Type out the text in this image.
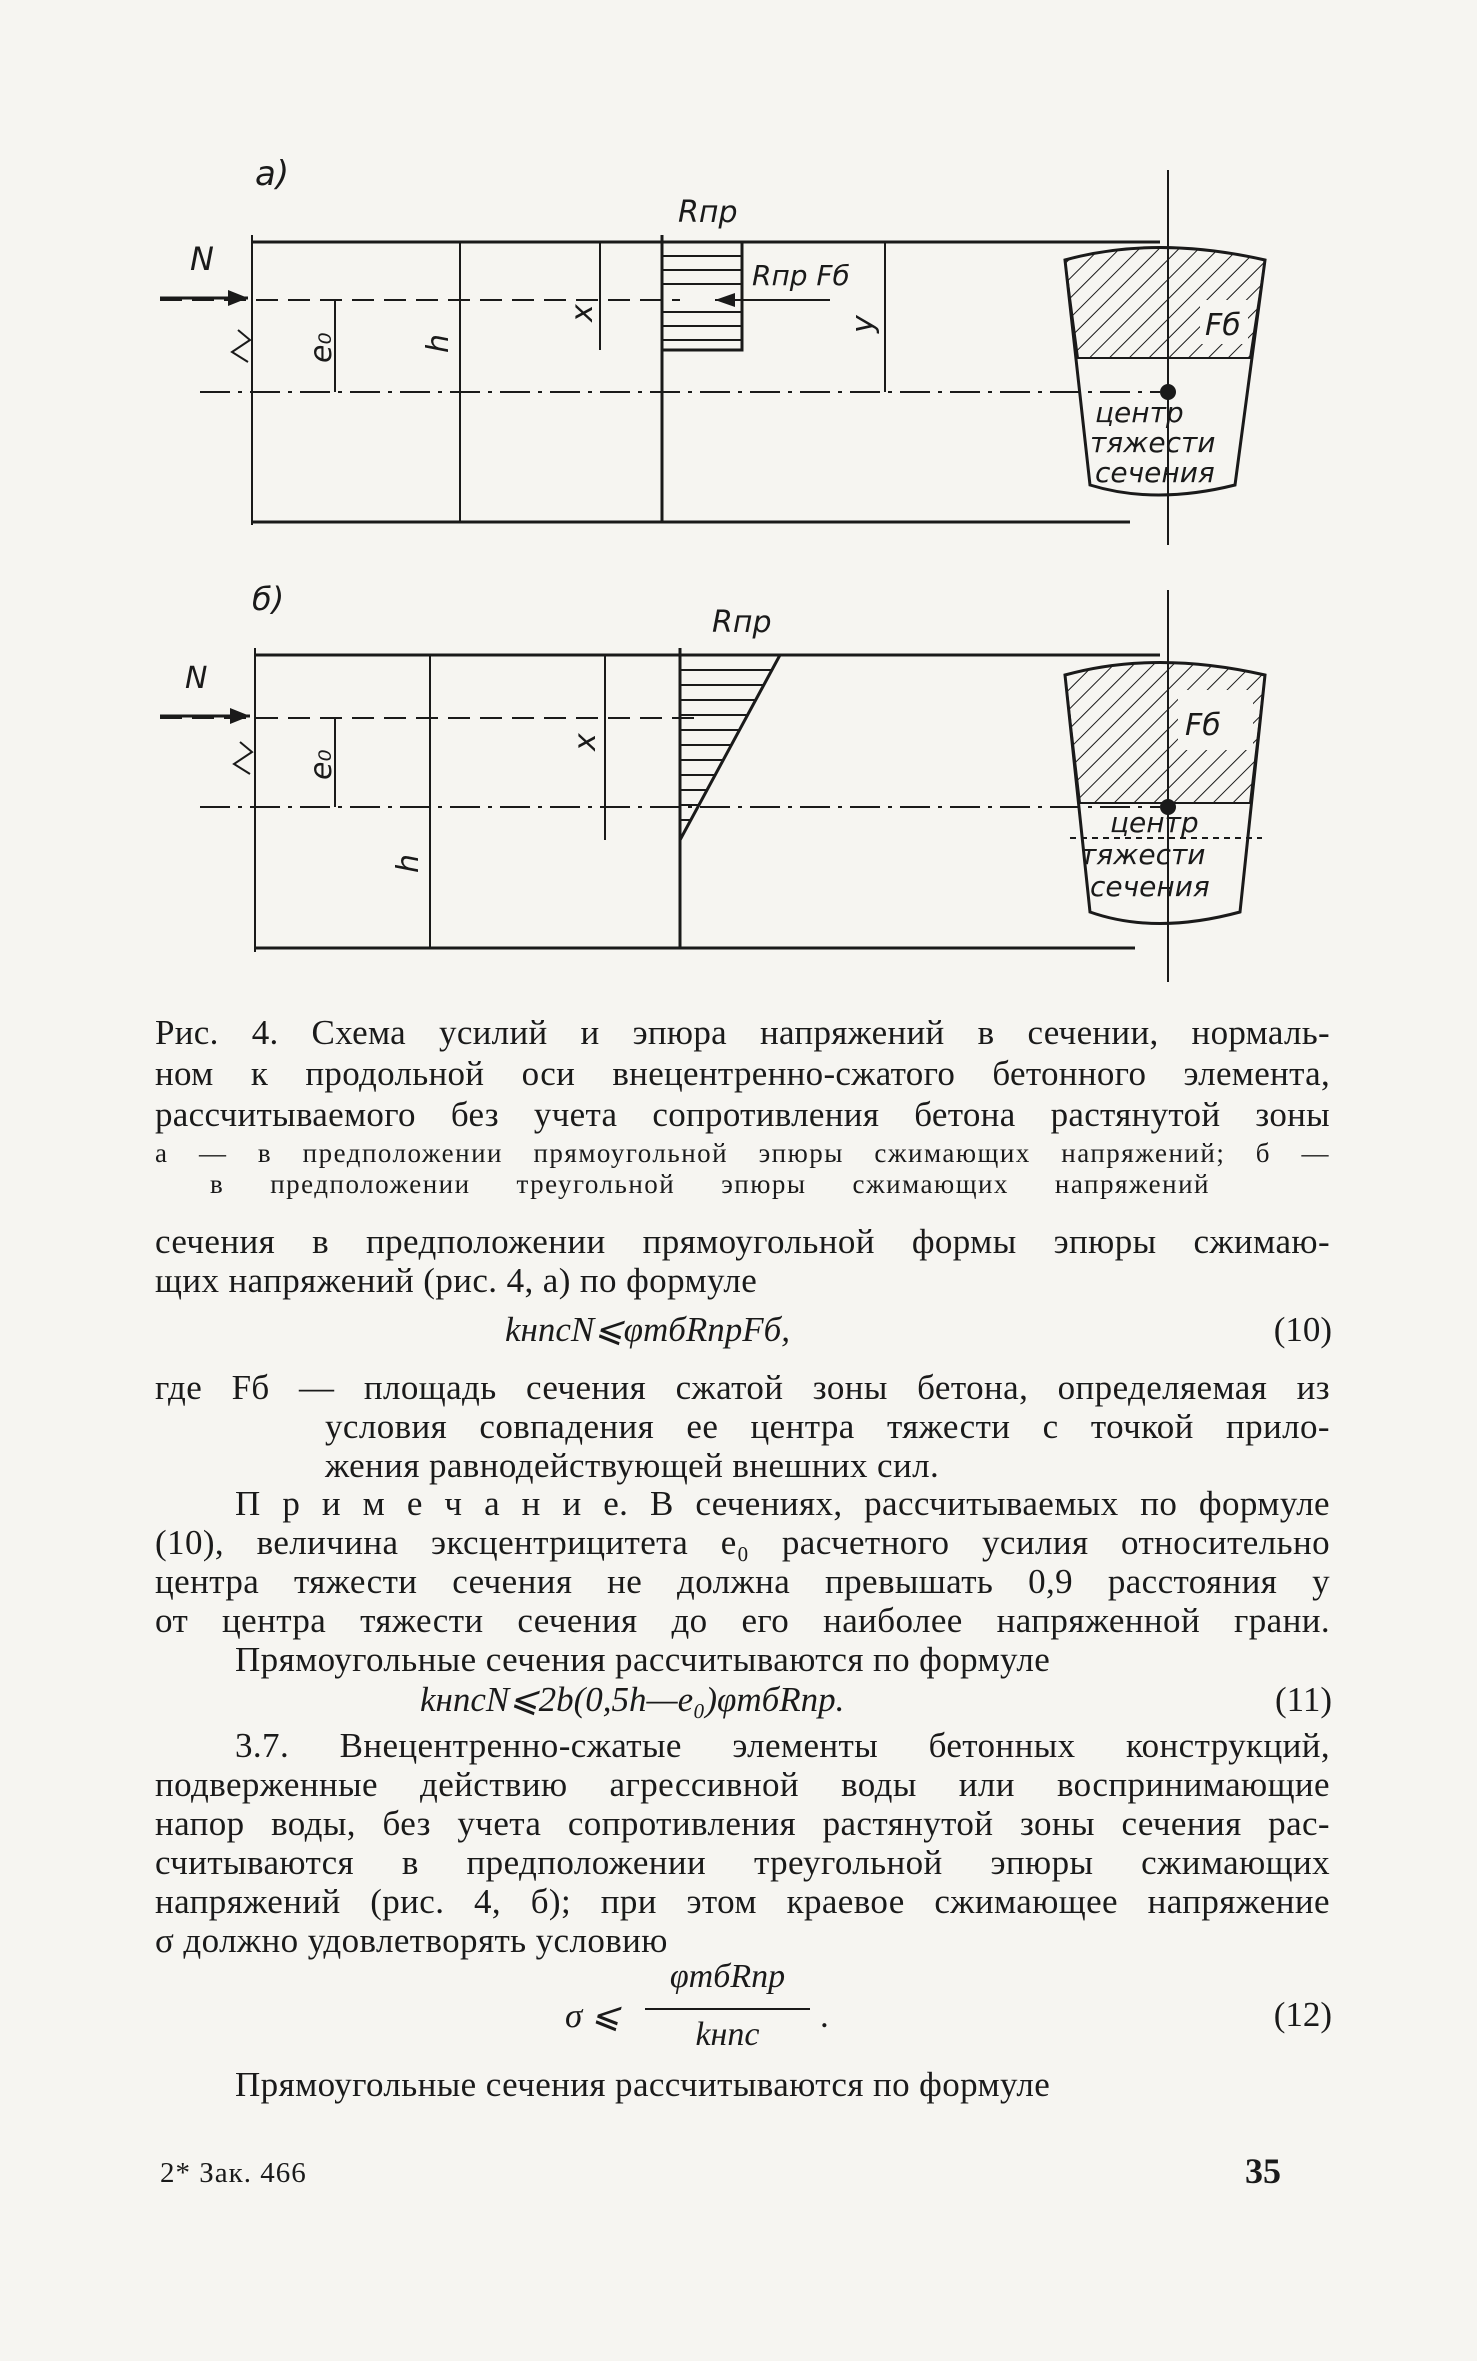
a)
N
e₀	h
x
Rпр
Rпр Fб
y	Fб
центр
тяжести
сечения
б)
N
e₀
h
x
Rпр
Fб
центр
тяжести
сечения
Рис. 4. Схема усилий и эпюра напряжений в сечении, нормаль-
ном к продольной оси внецентренно-сжатого бетонного элемента,
рассчитываемого без учета сопротивления бетона растянутой зоны
а — в предположении прямоугольной эпюры сжимающих напряжений; б —
в предположении треугольной эпюры сжимающих напряжений
сечения в предположении прямоугольной формы эпюры сжимаю-
щих напряжений (рис. 4, а) по формуле
kнnсN⩽φmбRпрFб,	(10)
где Fб — площадь сечения сжатой зоны бетона, определяемая из
условия совпадения ее центра тяжести с точкой прило-
жения равнодействующей внешних сил.
П р и м е ч а н и е. В сечениях, рассчитываемых по формуле
(10), величина эксцентрицитета e₀ расчетного усилия относительно
центра тяжести сечения не должна превышать 0,9 расстояния y
от центра тяжести сечения до его наиболее напряженной грани.
Прямоугольные сечения рассчитываются по формуле
kнnсN⩽2b(0,5h—e₀)φmбRпр.	(11)
3.7. Внецентренно-сжатые элементы бетонных конструкций,
подверженные действию агрессивной воды или воспринимающие
напор воды, без учета сопротивления растянутой зоны сечения рас-
считываются в предположении треугольной эпюры сжимающих
напряжений (рис. 4, б); при этом краевое сжимающее напряжение
σ должно удовлетворять условию
σ ⩽
φmбRпр
kнnс	.	(12)
Прямоугольные сечения рассчитываются по формуле
2* Зак. 466	35
